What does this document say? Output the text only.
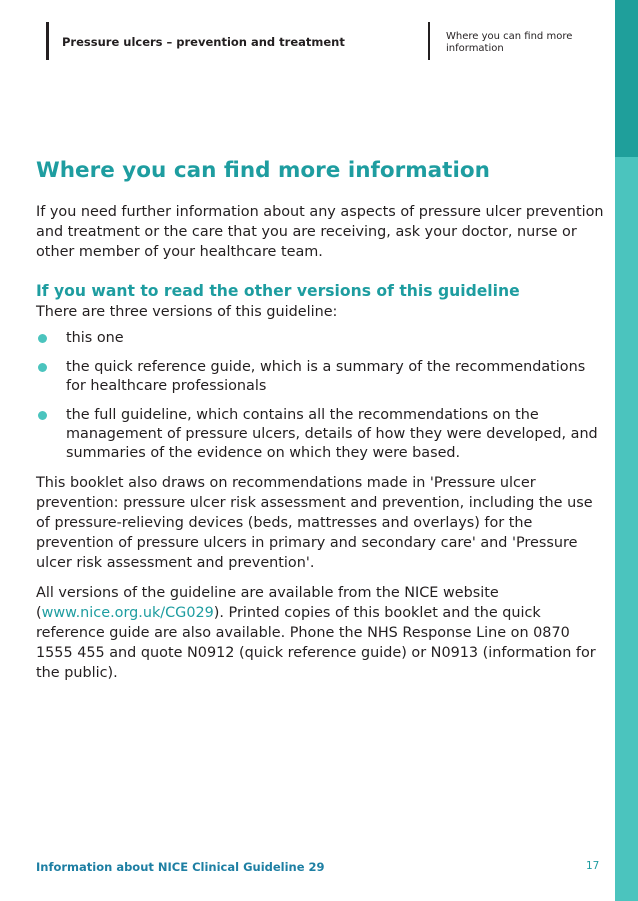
Pressure ulcers – prevention and treatment	Where you can find more
information
Where you can find more information

If you need further information about any aspects of pressure ulcer prevention and treatment or the care that you are receiving, ask your doctor, nurse or other member of your healthcare team.

If you want to read the other versions of this guideline

There are three versions of this guideline:

this one
the quick reference guide, which is a summary of the recommendations for healthcare professionals
the full guideline, which contains all the recommendations on the management of pressure ulcers, details of how they were developed, and summaries of the evidence on which they were based.

This booklet also draws on recommendations made in 'Pressure ulcer prevention: pressure ulcer risk assessment and prevention, including the use of pressure-relieving devices (beds, mattresses and overlays) for the prevention of pressure ulcers in primary and secondary care' and 'Pressure ulcer risk assessment and prevention'.

All versions of the guideline are available from the NICE website (www.nice.org.uk/CG029). Printed copies of this booklet and the quick reference guide are also available. Phone the NHS Response Line on 0870 1555 455 and quote N0912 (quick reference guide) or N0913 (information for the public).

Information about NICE Clinical Guideline 29	17
